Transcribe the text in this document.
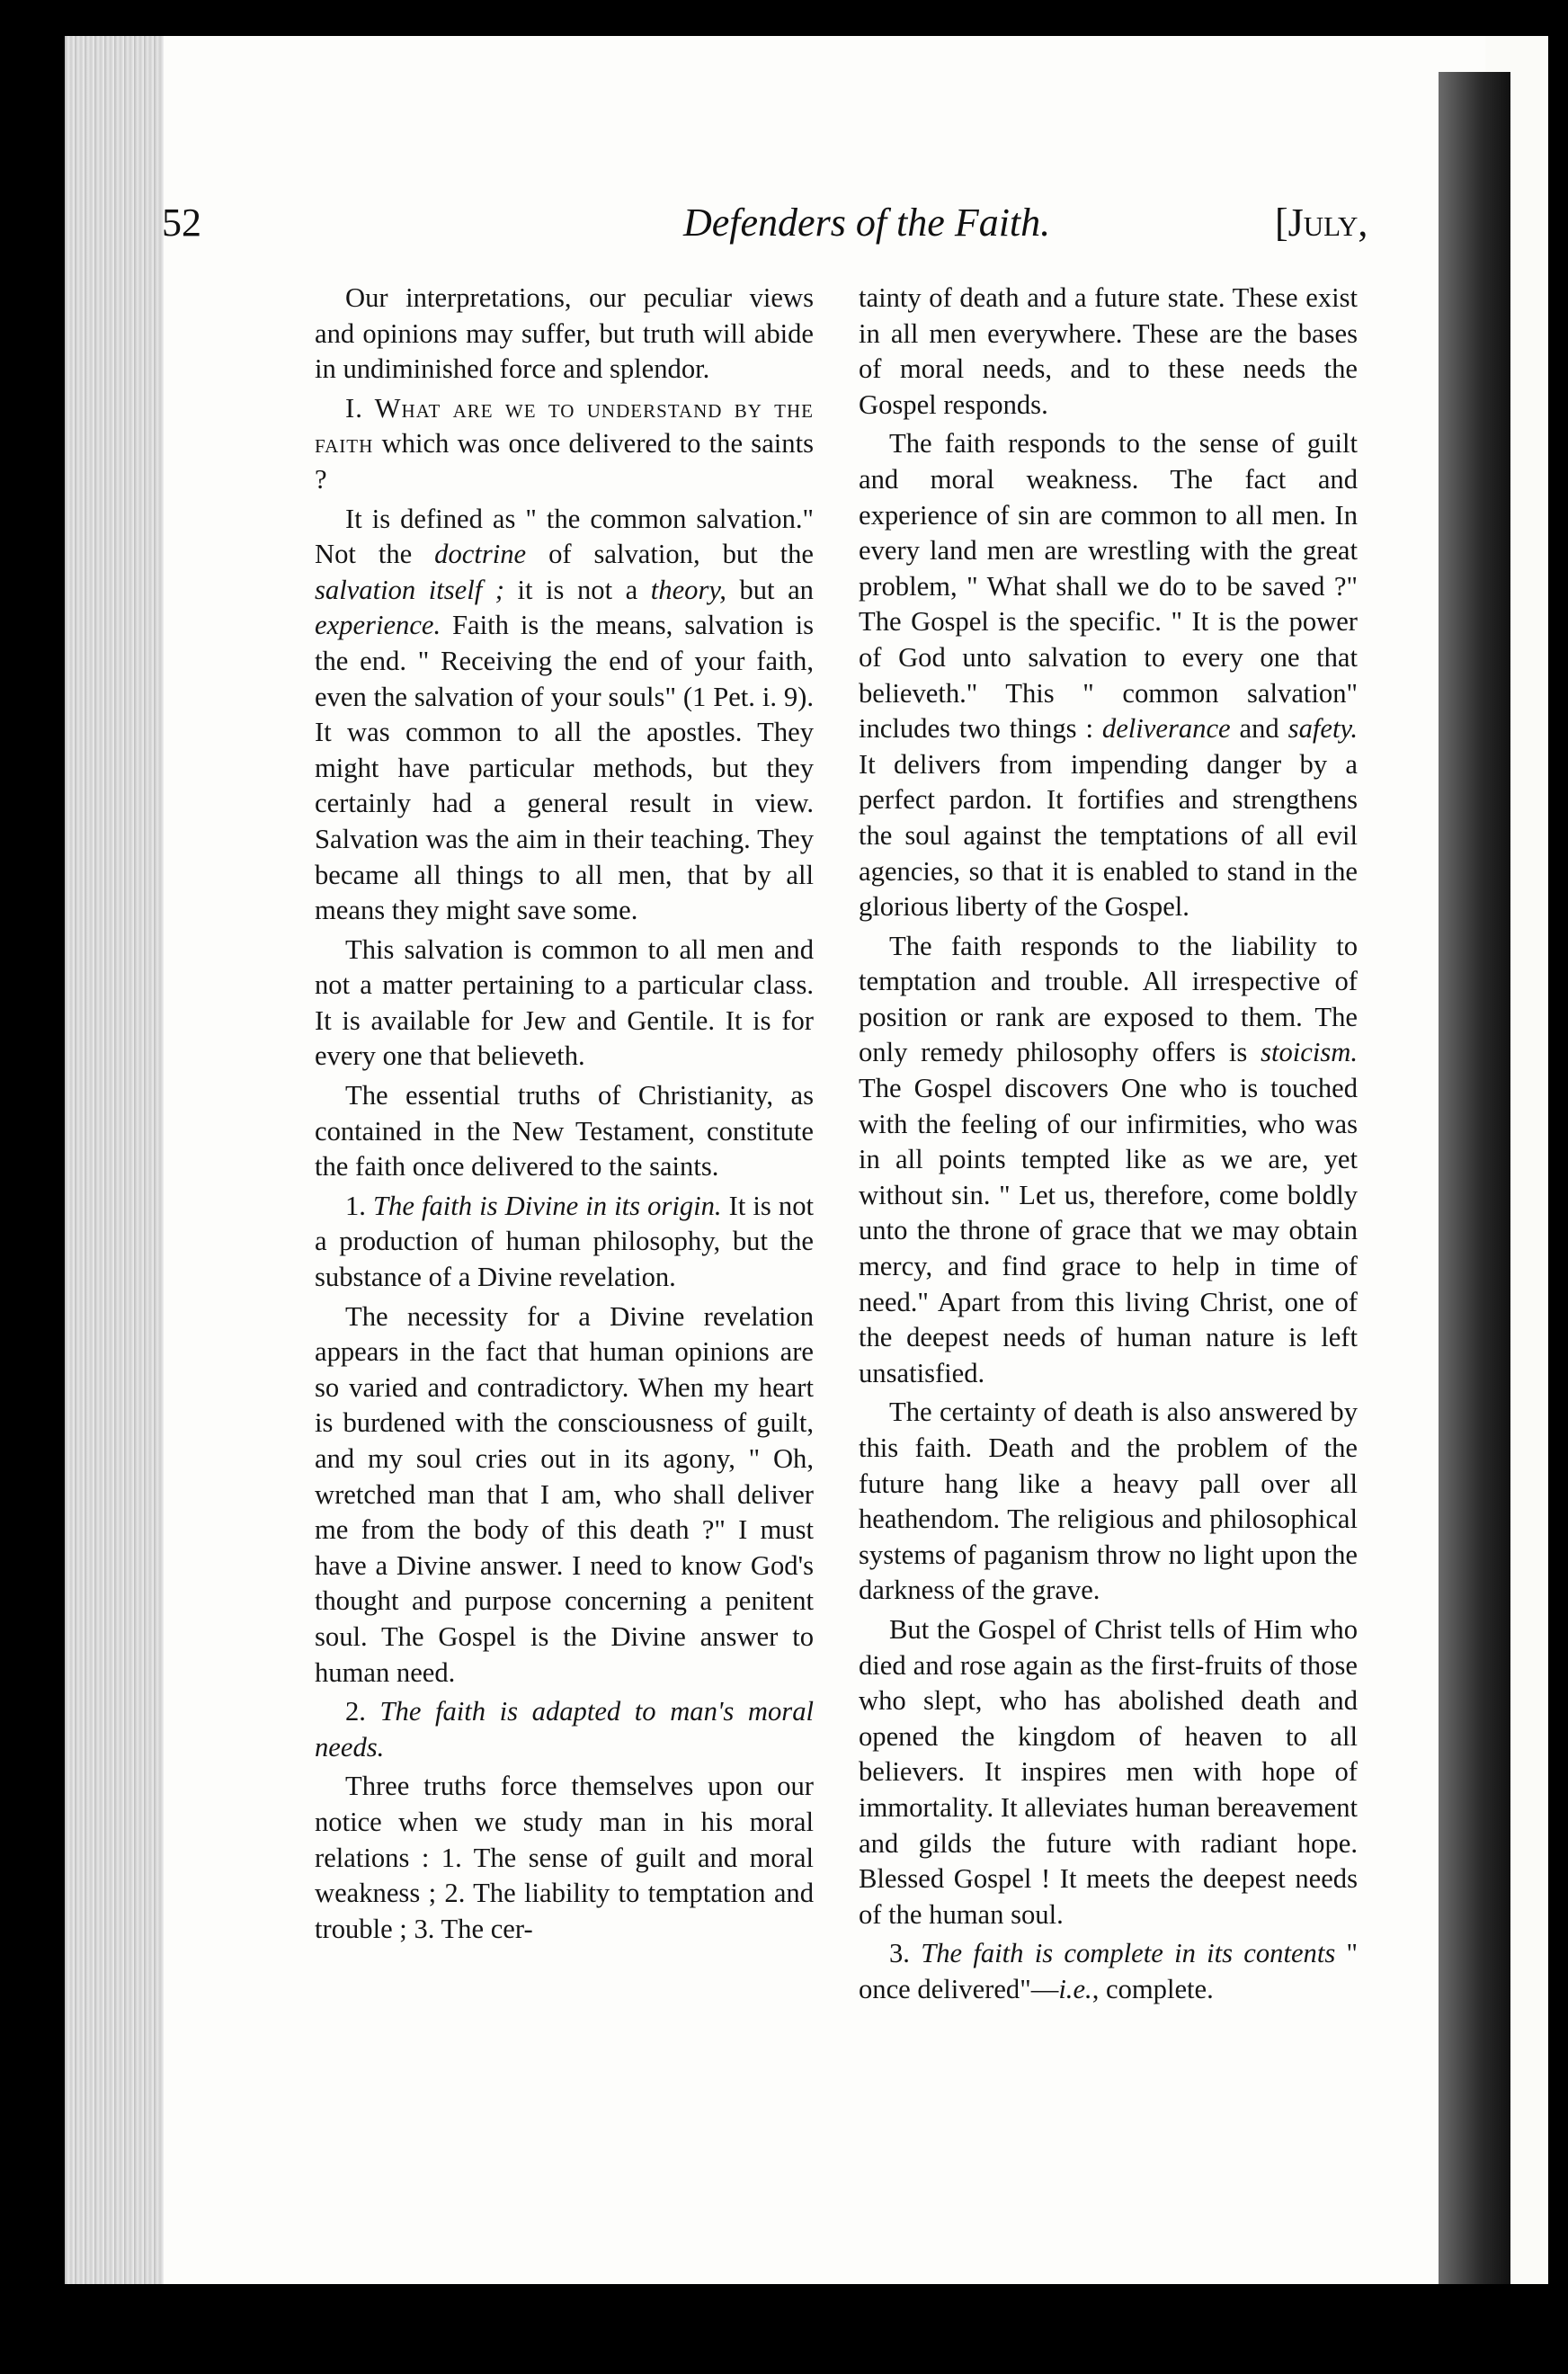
52	Defenders of the Faith.	[July,

Our interpretations, our peculiar views and opinions may suffer, but truth will abide in undiminished force and splendor.

I. What are we to understand by the faith which was once delivered to the saints ?

It is defined as " the common salvation." Not the doctrine of salvation, but the salvation itself ; it is not a theory, but an experience. Faith is the means, salvation is the end. " Receiving the end of your faith, even the salvation of your souls" (1 Pet. i. 9). It was common to all the apostles. They might have particular methods, but they certainly had a general result in view. Salvation was the aim in their teaching. They became all things to all men, that by all means they might save some.

This salvation is common to all men and not a matter pertaining to a particular class. It is available for Jew and Gentile. It is for every one that believeth.

The essential truths of Christianity, as contained in the New Testament, constitute the faith once delivered to the saints.

1. The faith is Divine in its origin. It is not a production of human philosophy, but the substance of a Divine revelation.

The necessity for a Divine revelation appears in the fact that human opinions are so varied and contradictory. When my heart is burdened with the consciousness of guilt, and my soul cries out in its agony, " Oh, wretched man that I am, who shall deliver me from the body of this death ?" I must have a Divine answer. I need to know God's thought and purpose concerning a penitent soul. The Gospel is the Divine answer to human need.

2. The faith is adapted to man's moral needs.

Three truths force themselves upon our notice when we study man in his moral relations : 1. The sense of guilt and moral weakness ; 2. The liability to temptation and trouble ; 3. The cer-

tainty of death and a future state. These exist in all men everywhere. These are the bases of moral needs, and to these needs the Gospel responds.

The faith responds to the sense of guilt and moral weakness. The fact and experience of sin are common to all men. In every land men are wrestling with the great problem, " What shall we do to be saved ?" The Gospel is the specific. " It is the power of God unto salvation to every one that believeth." This " common salvation" includes two things : deliverance and safety. It delivers from impending danger by a perfect pardon. It fortifies and strengthens the soul against the temptations of all evil agencies, so that it is enabled to stand in the glorious liberty of the Gospel.

The faith responds to the liability to temptation and trouble. All irrespective of position or rank are exposed to them. The only remedy philosophy offers is stoicism. The Gospel discovers One who is touched with the feeling of our infirmities, who was in all points tempted like as we are, yet without sin. " Let us, therefore, come boldly unto the throne of grace that we may obtain mercy, and find grace to help in time of need." Apart from this living Christ, one of the deepest needs of human nature is left unsatisfied.

The certainty of death is also answered by this faith. Death and the problem of the future hang like a heavy pall over all heathendom. The religious and philosophical systems of paganism throw no light upon the darkness of the grave.

But the Gospel of Christ tells of Him who died and rose again as the first-fruits of those who slept, who has abolished death and opened the kingdom of heaven to all believers. It inspires men with hope of immortality. It alleviates human bereavement and gilds the future with radiant hope. Blessed Gospel ! It meets the deepest needs of the human soul.

3. The faith is complete in its contents " once delivered"—i.e., complete.
